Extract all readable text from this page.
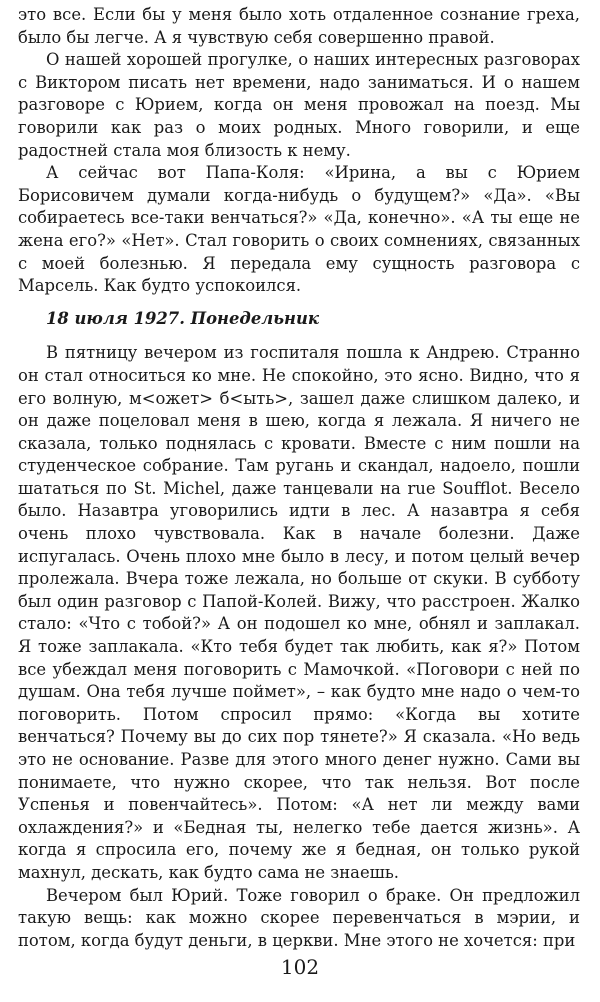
это все. Если бы у меня было хоть отдаленное сознание греха, было бы легче. А я чувствую себя совершенно правой.

О нашей хорошей прогулке, о наших интересных разговорах с Виктором писать нет времени, надо заниматься. И о нашем разговоре с Юрием, когда он меня провожал на поезд. Мы говорили как раз о моих родных. Много говорили, и еще радостней стала моя близость к нему.

А сейчас вот Папа-Коля: «Ирина, а вы с Юрием Борисовичем думали когда-нибудь о будущем?» «Да». «Вы собираетесь все-таки венчаться?» «Да, конечно». «А ты еще не жена его?» «Нет». Стал говорить о своих сомнениях, связанных с моей болезнью. Я передала ему сущность разговора с Марсель. Как будто успокоился.

18 июля 1927. Понедельник

В пятницу вечером из госпиталя пошла к Андрею. Странно он стал относиться ко мне. Не спокойно, это ясно. Видно, что я его волную, м<ожет> б<ыть>, зашел даже слишком далеко, и он даже поцеловал меня в шею, когда я лежала. Я ничего не сказала, только поднялась с кровати. Вместе с ним пошли на студенческое собрание. Там ругань и скандал, надоело, пошли шататься по St. Michel, даже танцевали на rue Soufflot. Весело было. Назавтра уговорились идти в лес. А назавтра я себя очень плохо чувствовала. Как в начале болезни. Даже испугалась. Очень плохо мне было в лесу, и потом целый вечер пролежала. Вчера тоже лежала, но больше от скуки. В субботу был один разговор с Папой-Колей. Вижу, что расстроен. Жалко стало: «Что с тобой?» А он подошел ко мне, обнял и заплакал. Я тоже заплакала. «Кто тебя будет так любить, как я?» Потом все убеждал меня поговорить с Мамочкой. «Поговори с ней по душам. Она тебя лучше поймет», – как будто мне надо о чем-то поговорить. Потом спросил прямо: «Когда вы хотите венчаться? Почему вы до сих пор тянете?» Я сказала. «Но ведь это не основание. Разве для этого много денег нужно. Сами вы понимаете, что нужно скорее, что так нельзя. Вот после Успенья и повенчайтесь». Потом: «А нет ли между вами охлаждения?» и «Бедная ты, нелегко тебе дается жизнь». А когда я спросила его, почему же я бедная, он только рукой махнул, дескать, как будто сама не знаешь.

Вечером был Юрий. Тоже говорил о браке. Он предложил такую вещь: как можно скорее перевенчаться в мэрии, и потом, когда будут деньги, в церкви. Мне этого не хочется: при

102
